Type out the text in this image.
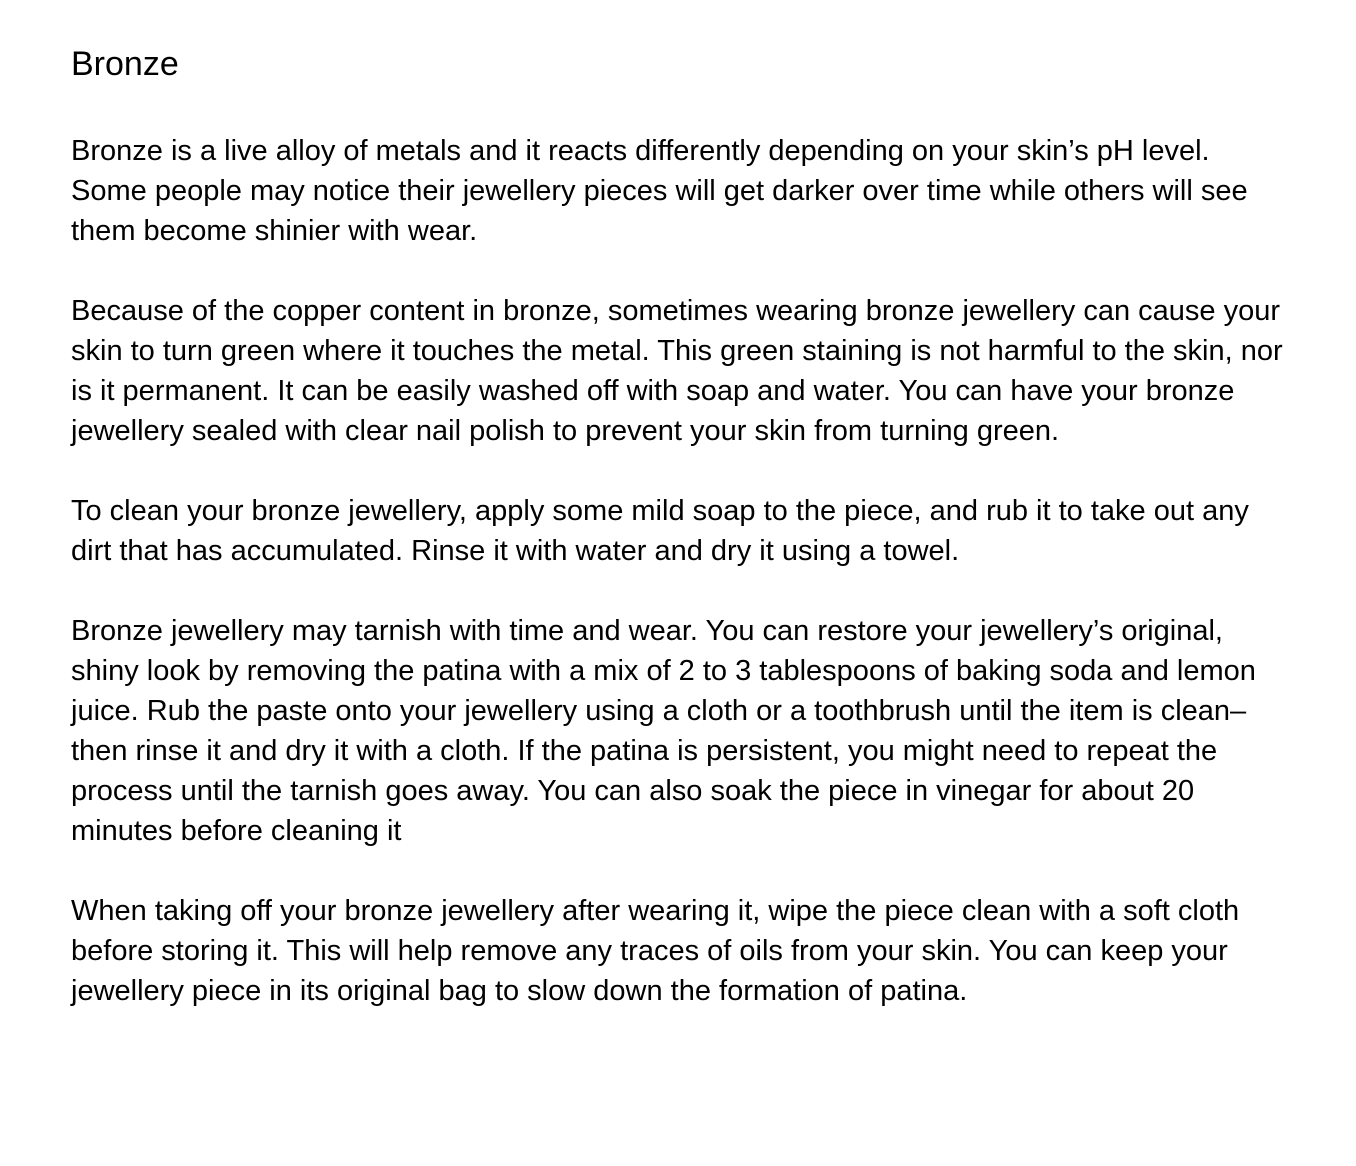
Bronze

Bronze is a live alloy of metals and it reacts differently depending on your skin’s pH level. Some people may notice their jewellery pieces will get darker over time while others will see them become shinier with wear.

Because of the copper content in bronze, sometimes wearing bronze jewellery can cause your skin to turn green where it touches the metal. This green staining is not harmful to the skin, nor is it permanent. It can be easily washed off with soap and water. You can have your bronze jewellery sealed with clear nail polish to prevent your skin from turning green.

To clean your bronze jewellery, apply some mild soap to the piece, and rub it to take out any dirt that has accumulated. Rinse it with water and dry it using a towel.

Bronze jewellery may tarnish with time and wear. You can restore your jewellery’s original, shiny look by removing the patina with a mix of 2 to 3 tablespoons of baking soda and lemon juice. Rub the paste onto your jewellery using a cloth or a toothbrush until the item is clean–then rinse it and dry it with a cloth. If the patina is persistent, you might need to repeat the process until the tarnish goes away. You can also soak the piece in vinegar for about 20 minutes before cleaning it

When taking off your bronze jewellery after wearing it, wipe the piece clean with a soft cloth before storing it. This will help remove any traces of oils from your skin. You can keep your jewellery piece in its original bag to slow down the formation of patina.
